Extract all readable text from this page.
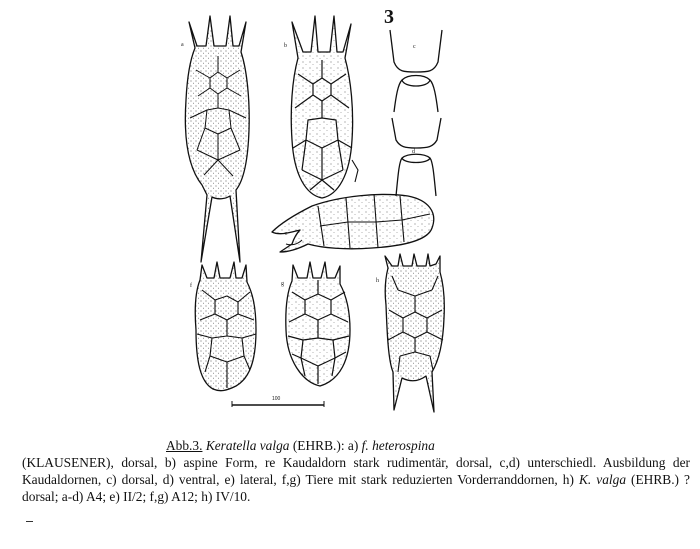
3
a	b	c
d
e
f	g	h
100
Abb.3. Keratella valga (EHRB.): a) f. heterospina
(KLAUSENER), dorsal, b) aspine Form, re Kaudaldorn stark rudimentär, dorsal, c,d) unterschiedl. Ausbildung der Kaudaldornen, c) dorsal, d) ventral, e) lateral, f,g) Tiere mit stark reduzierten Vorderranddornen, h) K. valga (EHRB.) ? dorsal; a-d) A4; e) II/2; f,g) A12; h) IV/10.
